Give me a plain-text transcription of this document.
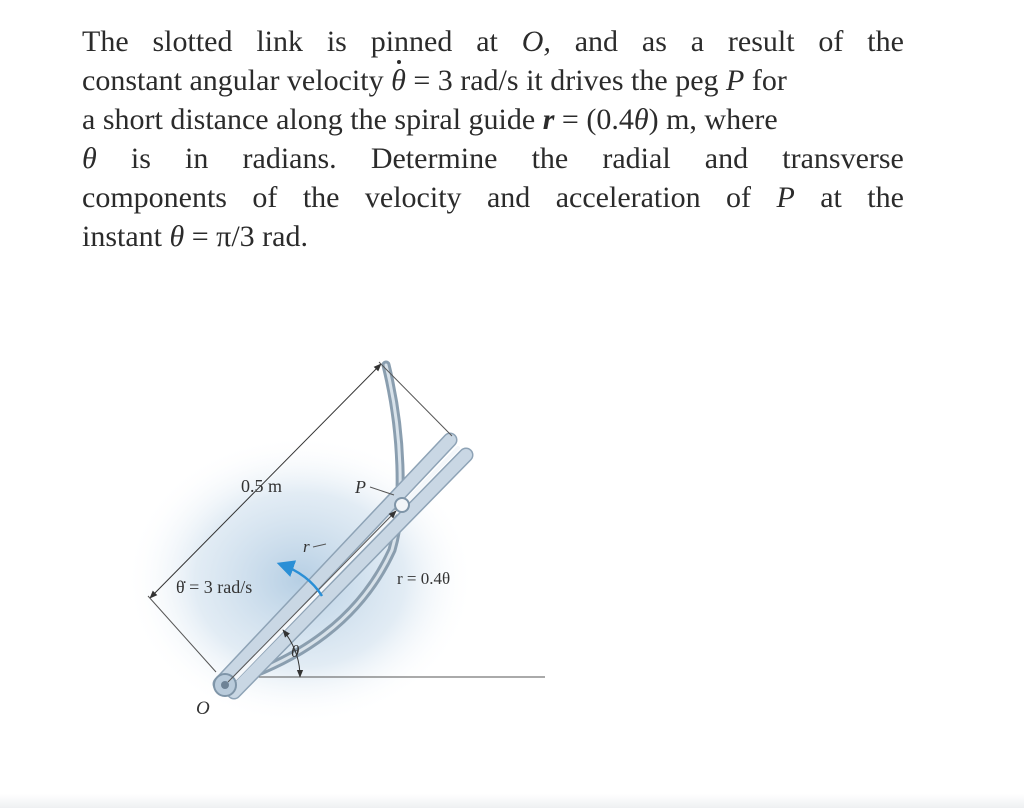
The slotted link is pinned at O, and as a result of the
constant angular velocity θ = 3 rad/s it drives the peg P for
a short distance along the spiral guide r = (0.4θ) m, where
θ is in radians. Determine the radial and transverse
components of the velocity and acceleration of P at the
instant θ = π/3 rad.
0.5 m	P
r
θ̇ = 3 rad/s	r = 0.4θ
θ
O
